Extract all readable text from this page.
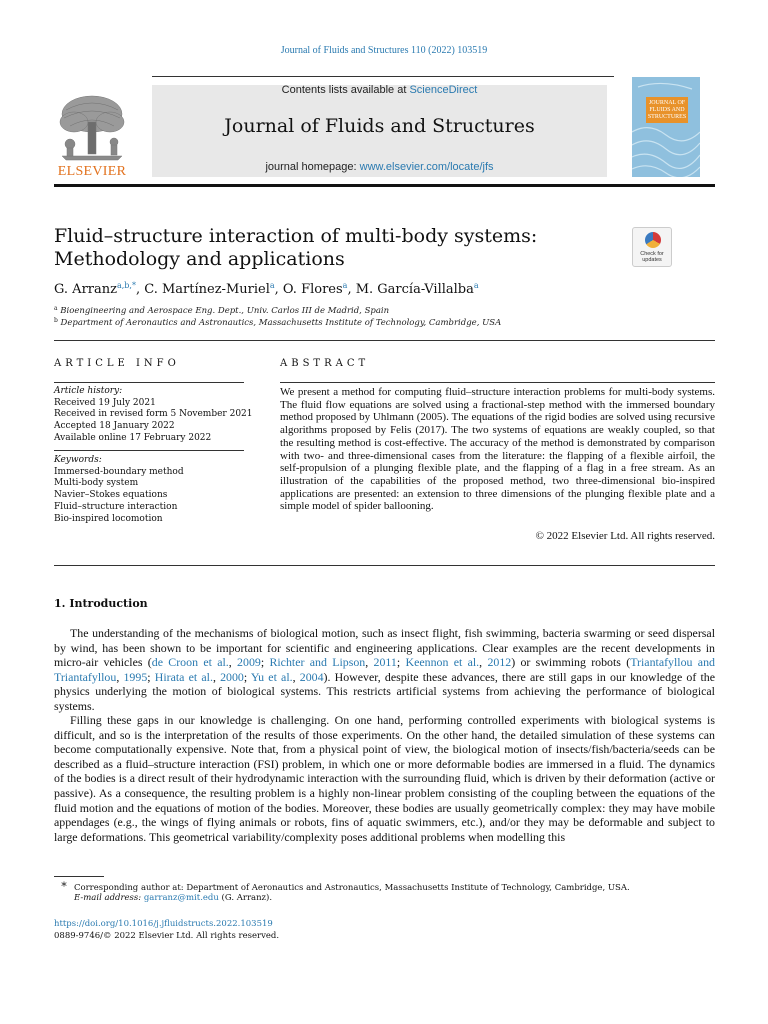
Journal of Fluids and Structures 110 (2022) 103519
ELSEVIER
Contents lists available at ScienceDirect
Journal of Fluids and Structures
journal homepage: www.elsevier.com/locate/jfs
JOURNAL OF FLUIDS AND STRUCTURES
Fluid–structure interaction of multi-body systems:
Methodology and applications	Check for updates
G. Arranz$^{a,b,*}$, C. Martínez-Muriel$^a$, O. Flores$^a$, M. García-Villalba$^a$
$^a$ Bioengineering and Aerospace Eng. Dept., Univ. Carlos III de Madrid, Spain
$^b$ Department of Aeronautics and Astronautics, Massachusetts Institute of Technology, Cambridge, USA
ARTICLE INFO	ABSTRACT
Article history:
Received 19 July 2021
Received in revised form 5 November 2021
Accepted 18 January 2022
Available online 17 February 2022
Keywords:
Immersed-boundary method
Multi-body system
Navier–Stokes equations
Fluid–structure interaction
Bio-inspired locomotion
We present a method for computing fluid–structure interaction problems for multi-body systems. The fluid flow equations are solved using a fractional-step method with the immersed boundary method proposed by Uhlmann (2005). The equations of the rigid bodies are solved using recursive algorithms proposed by Felis (2017). The two systems of equations are weakly coupled, so that the resulting method is cost-effective. The accuracy of the method is demonstrated by comparison with two- and three-dimensional cases from the literature: the flapping of a flexible airfoil, the self-propulsion of a plunging flexible plate, and the flapping of a flag in a free stream. As an illustration of the capabilities of the proposed method, two three-dimensional bio-inspired applications are presented: an extension to three dimensions of the plunging flexible plate and a simple model of spider ballooning.
© 2022 Elsevier Ltd. All rights reserved.
1. Introduction
The understanding of the mechanisms of biological motion, such as insect flight, fish swimming, bacteria swarming or seed dispersal by wind, has been shown to be important for scientific and engineering applications. Clear examples are the recent developments in micro-air vehicles (de Croon et al., 2009; Richter and Lipson, 2011; Keennon et al., 2012) or swimming robots (Triantafyllou and Triantafyllou, 1995; Hirata et al., 2000; Yu et al., 2004). However, despite these advances, there are still gaps in our knowledge of the physics underlying the motion of biological systems. This restricts artificial systems from achieving the performance of biological systems.
Filling these gaps in our knowledge is challenging. On one hand, performing controlled experiments with biological systems is difficult, and so is the interpretation of the results of those experiments. On the other hand, the detailed simulation of these systems can become computationally expensive. Note that, from a physical point of view, the biological motion of insects/fish/bacteria/seeds can be described as a fluid–structure interaction (FSI) problem, in which one or more deformable bodies are immersed in a fluid. The dynamics of the bodies is a direct result of their hydrodynamic interaction with the surrounding fluid, which is driven by their deformation (active or passive). As a consequence, the resulting problem is a highly non-linear problem consisting of the coupling between the equations of the fluid motion and the equations of motion of the bodies. Moreover, these bodies are usually geometrically complex: they may have mobile appendages (e.g., the wings of flying animals or robots, fins of aquatic swimmers, etc.), and/or they may be deformable and subject to large deformations. This geometrical variability/complexity poses additional problems when modelling this
* Corresponding author at: Department of Aeronautics and Astronautics, Massachusetts Institute of Technology, Cambridge, USA.
E-mail address: garranz@mit.edu (G. Arranz).
https://doi.org/10.1016/j.jfluidstructs.2022.103519
0889-9746/© 2022 Elsevier Ltd. All rights reserved.
